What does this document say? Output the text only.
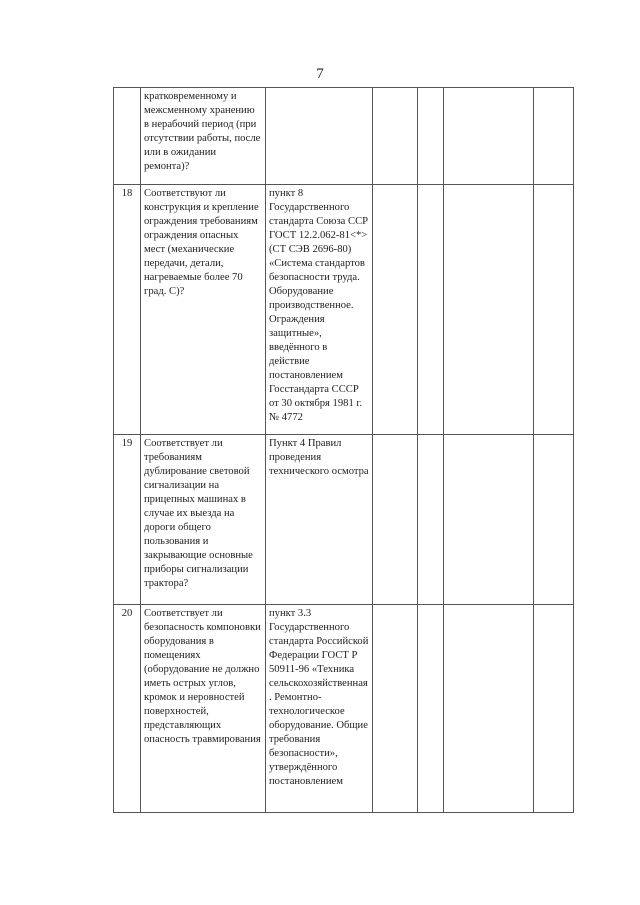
7
	кратковременному и межсменному хранению в нерабочий период (при отсутствии работы, после или в ожидании ремонта)?					
18	Соответствуют ли конструкция и крепление ограждения требованиям ограждения опасных мест (механические передачи, детали, нагреваемые более 70 град. С)?	пункт 8 Государственного стандарта Союза ССР ГОСТ 12.2.062-81<*> (СТ СЭВ 2696-80) «Система стандартов безопасности труда. Оборудование производственное. Ограждения защитные», введённого в действие постановлением Госстандарта СССР от 30 октября 1981 г. № 4772				
19	Соответствует ли требованиям дублирование световой сигнализации на прицепных машинах в случае их выезда на дороги общего пользования и закрывающие основные приборы сигнализации трактора?	Пункт 4 Правил проведения технического осмотра				
20	Соответствует ли безопасность компоновки оборудования в помещениях (оборудование не должно иметь острых углов, кромок и неровностей поверхностей, представляющих опасность травмирования	пункт 3.3 Государственного стандарта Российской Федерации ГОСТ Р 50911-96 «Техника сельскохозяйственная . Ремонтно-технологическое оборудование. Общие требования безопасности», утверждённого постановлением				
